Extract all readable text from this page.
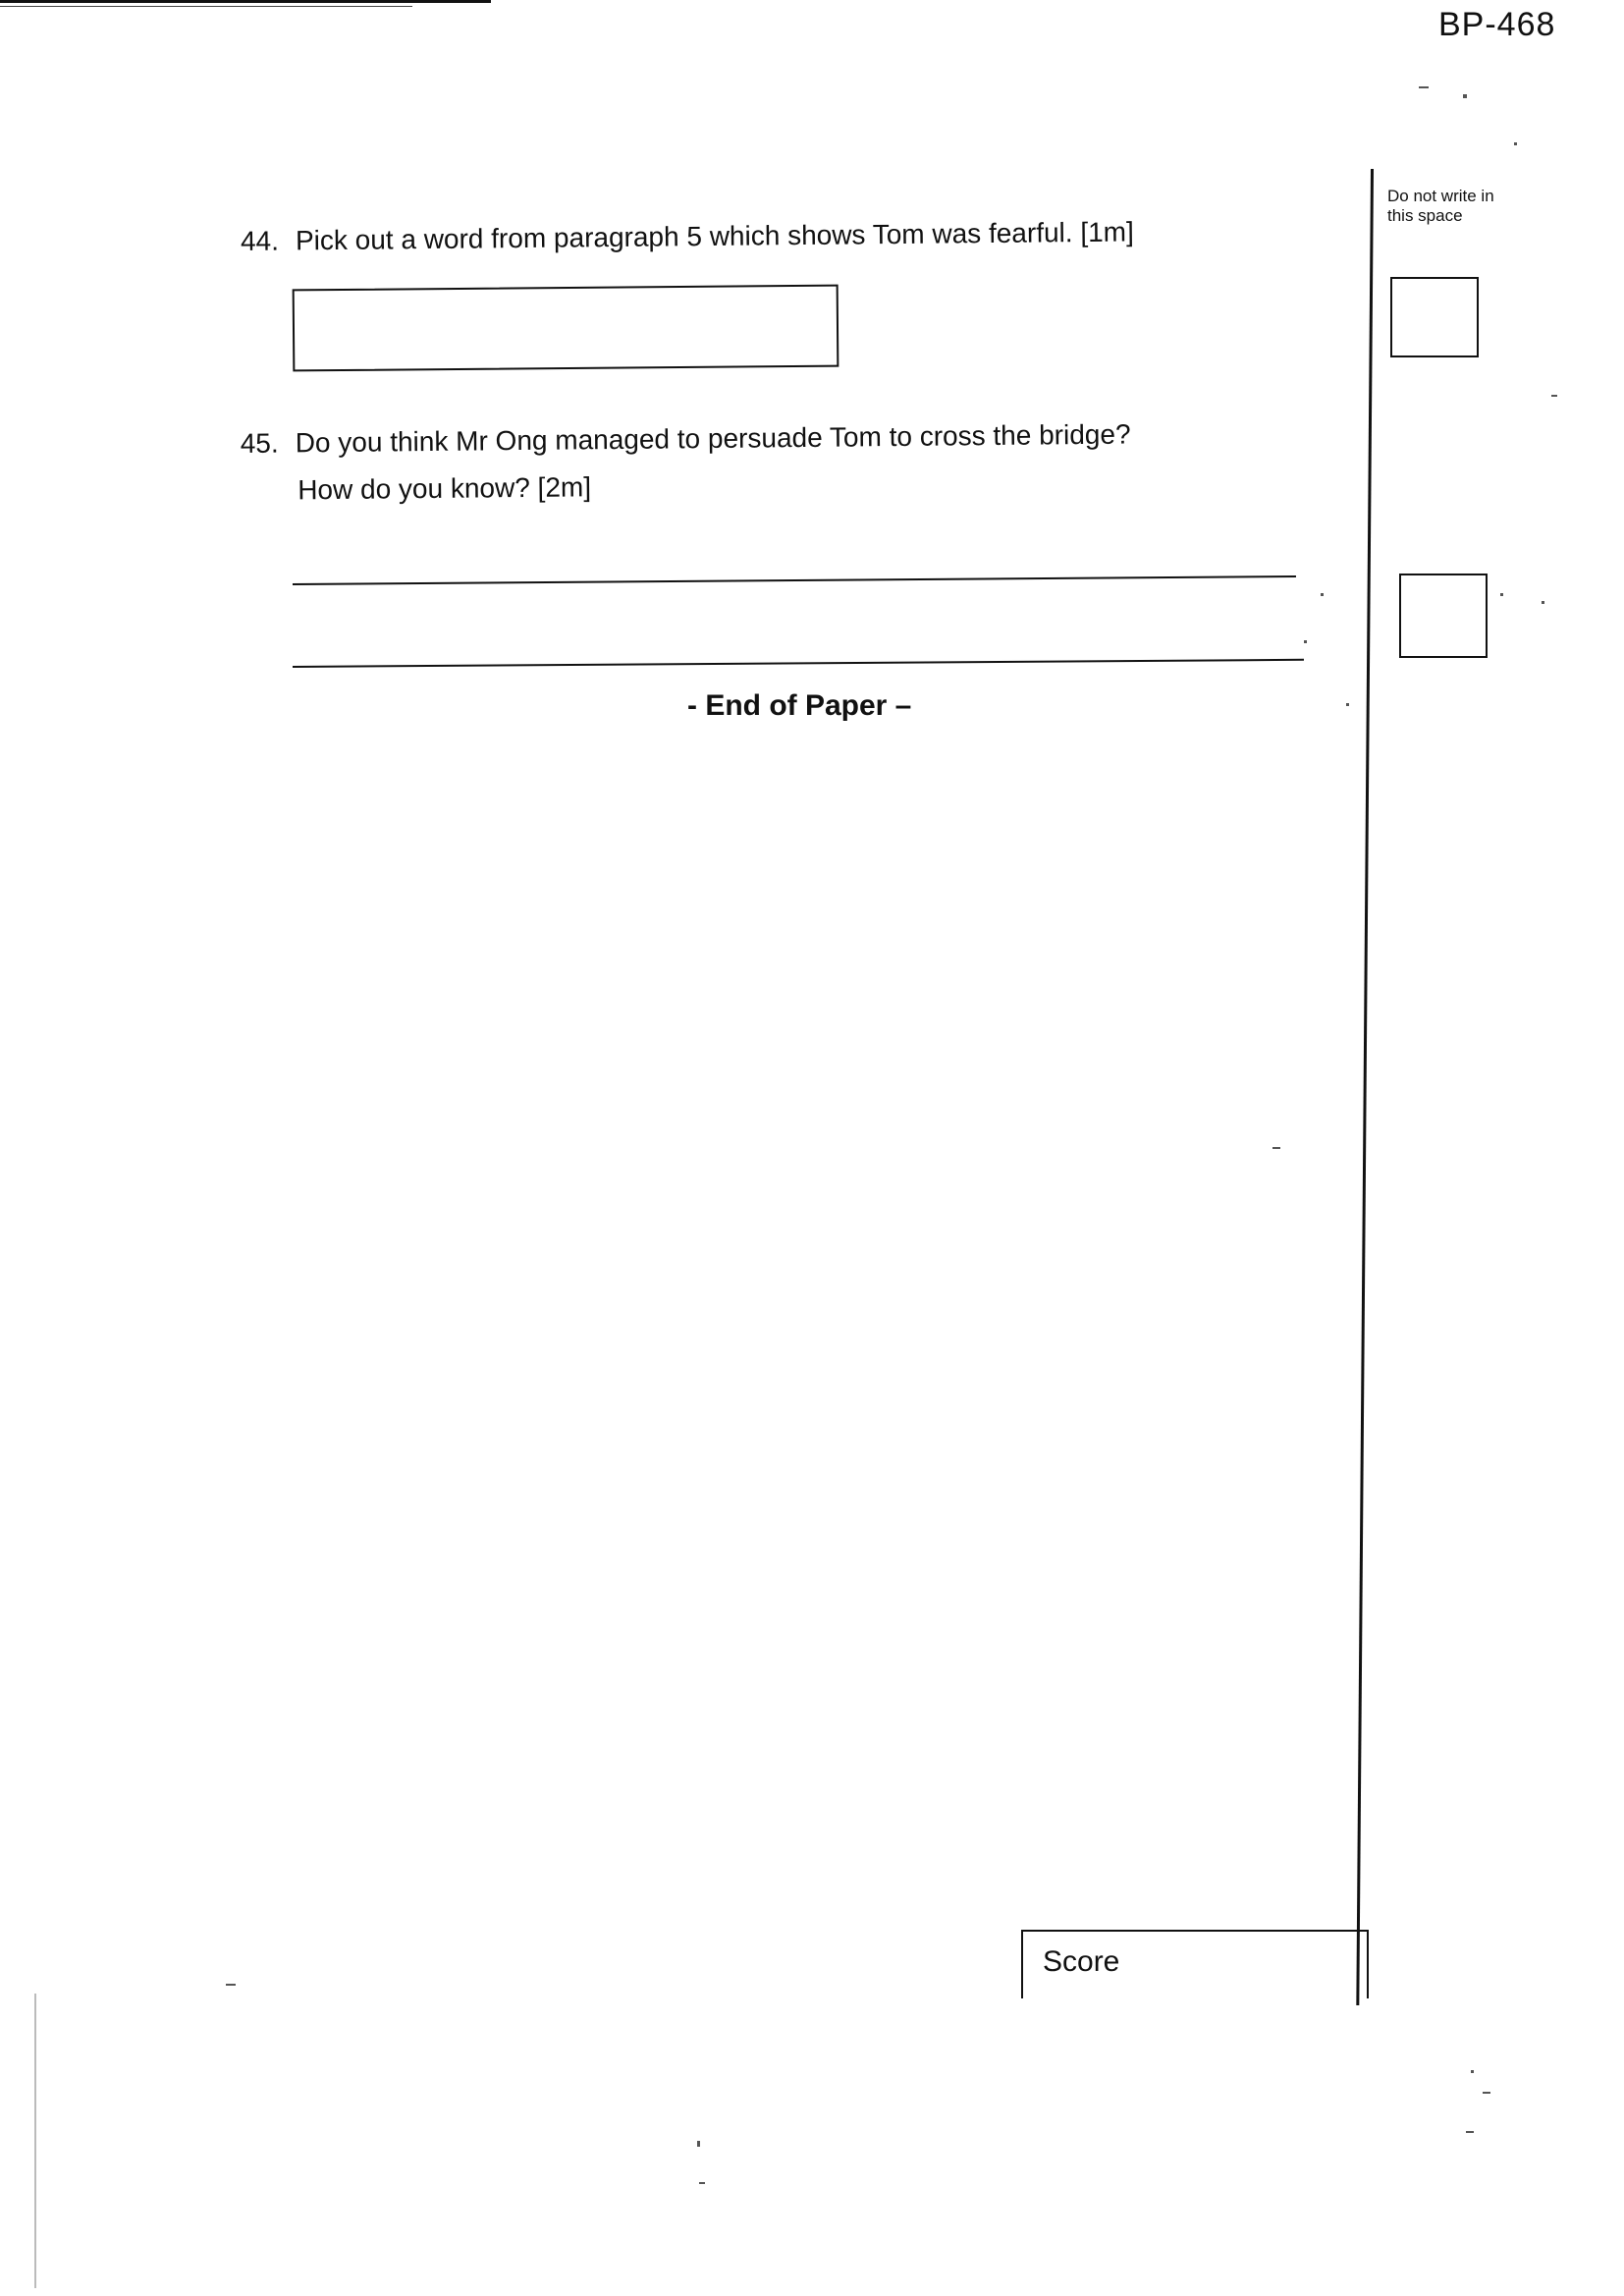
BP-468
Do not write in this space
44. Pick out a word from paragraph 5 which shows Tom was fearful. [1m]
45. Do you think Mr Ong managed to persuade Tom to cross the bridge?
How do you know? [2m]
- End of Paper –
Score
